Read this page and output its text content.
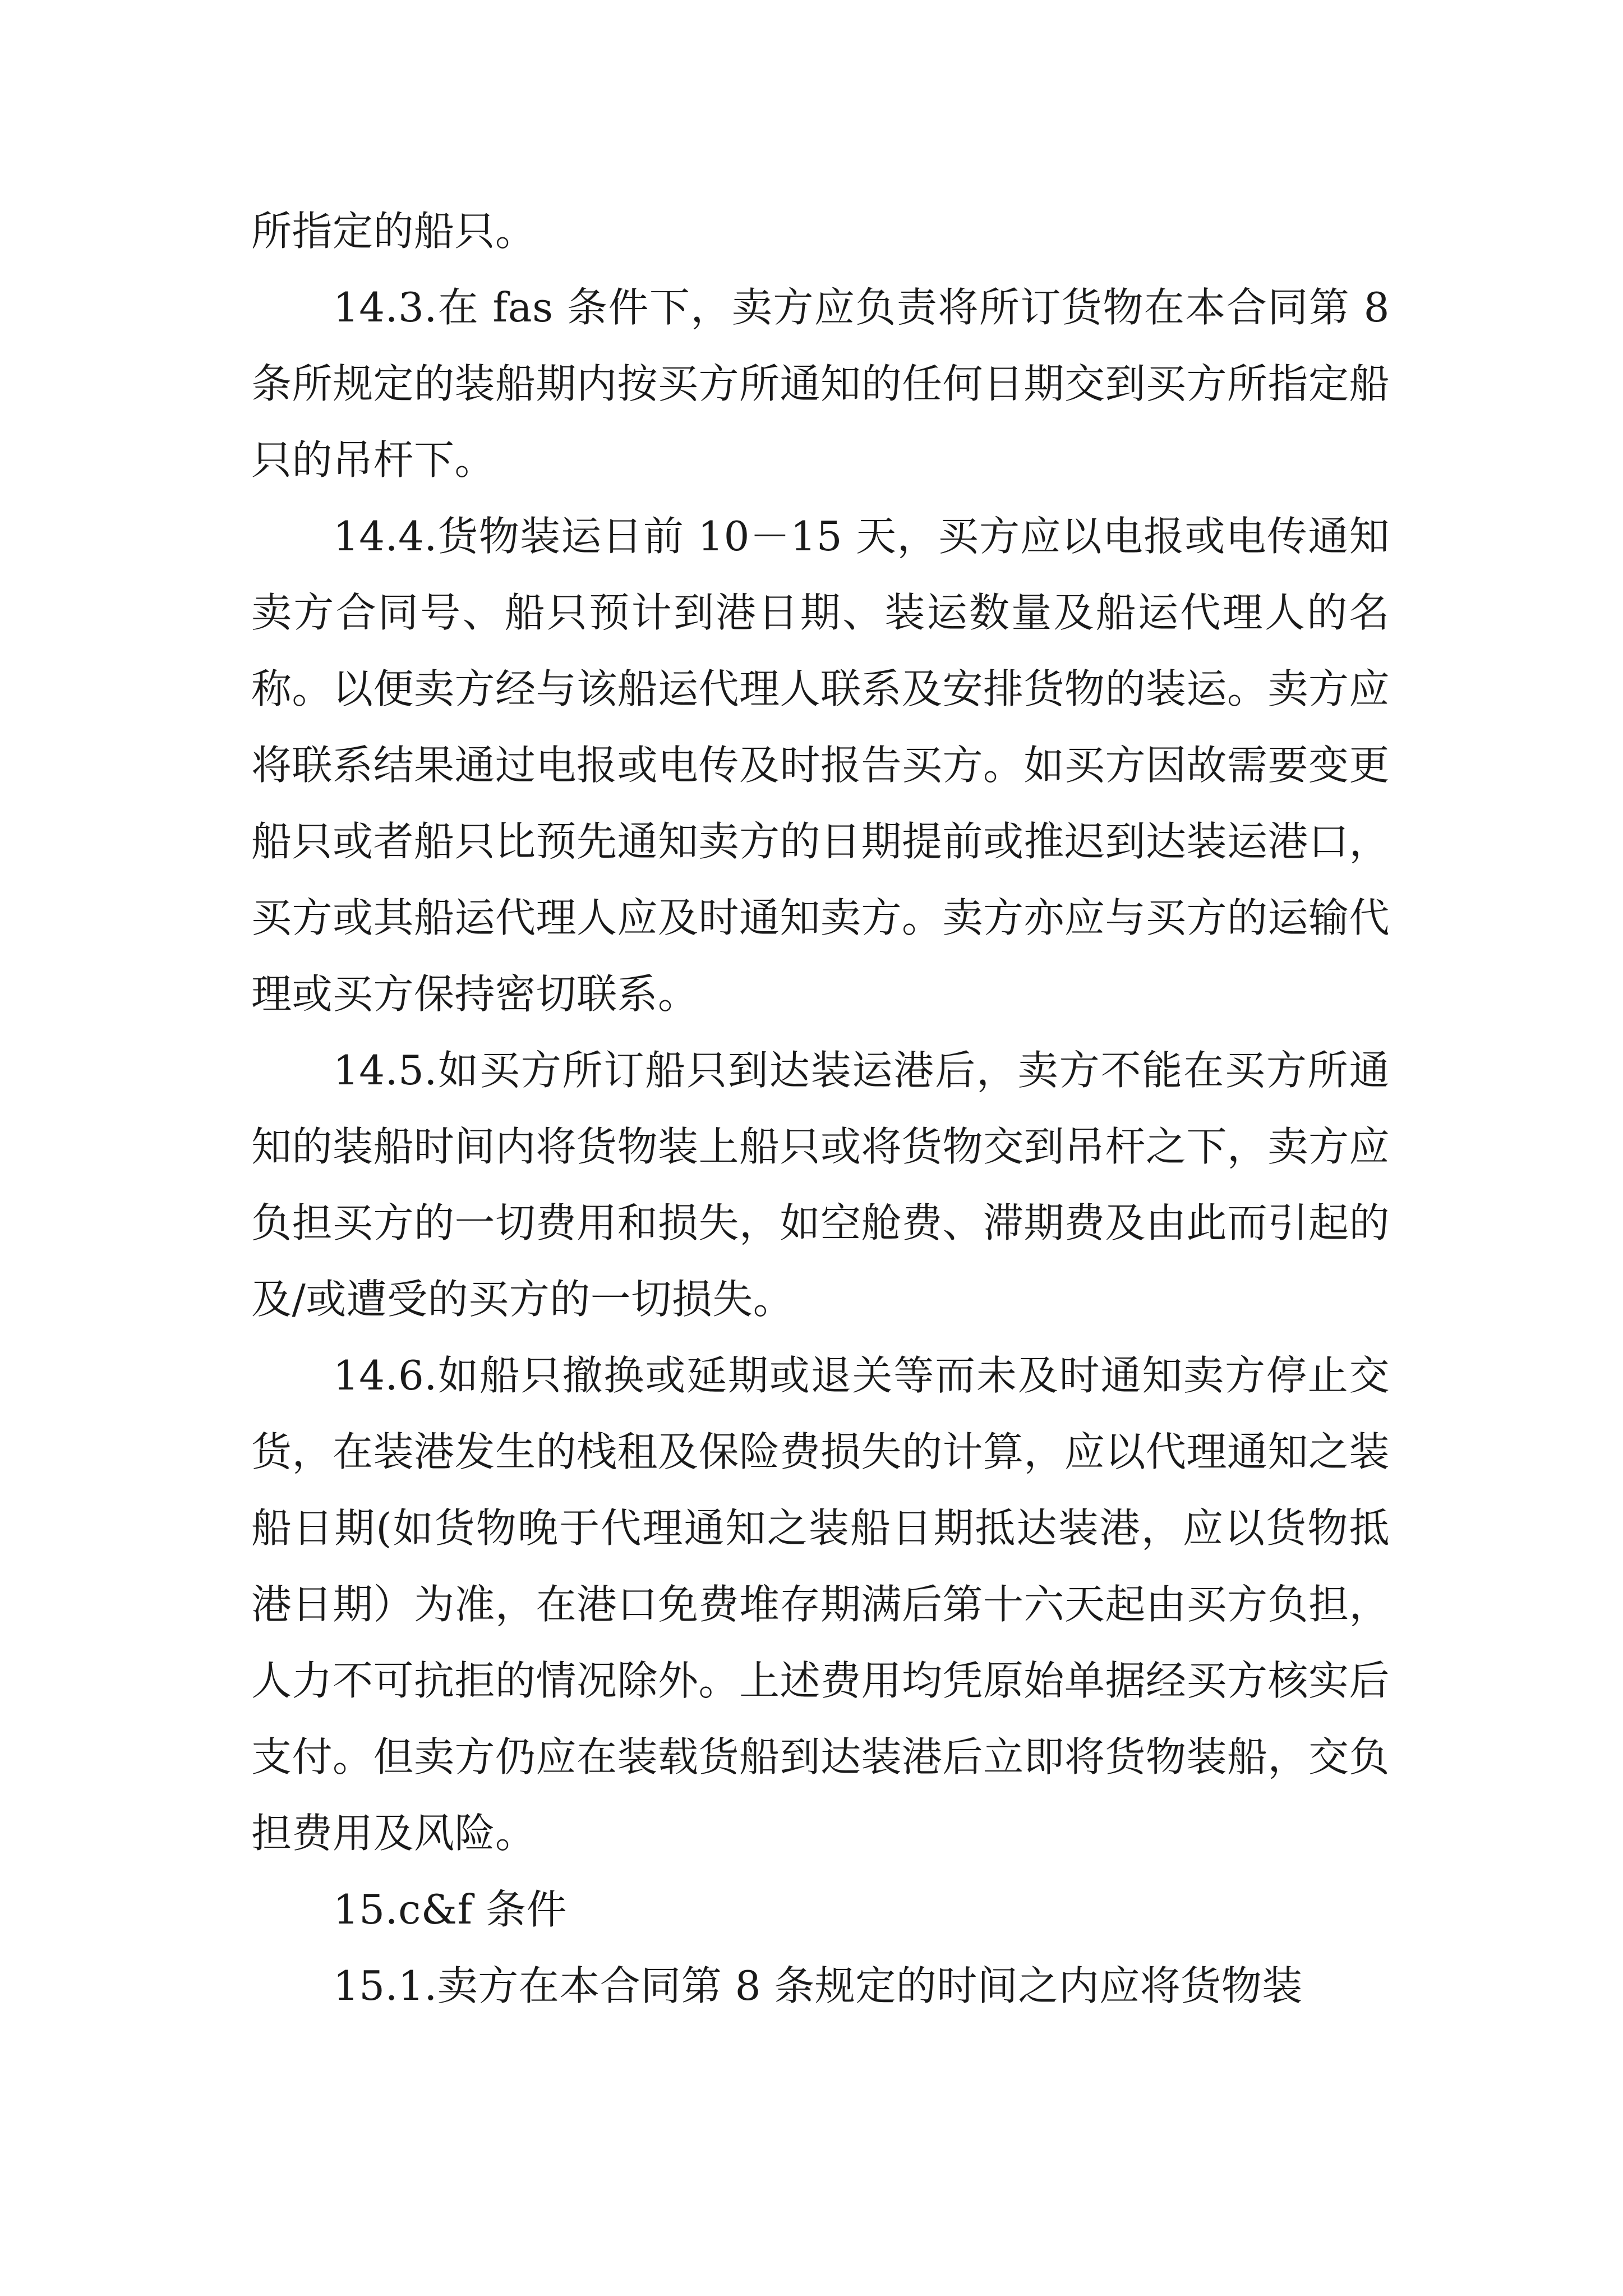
所指定的船只。

14.3.在 fas 条件下，卖方应负责将所订货物在本合同第 8 条所规定的装船期内按买方所通知的任何日期交到买方所指定船只的吊杆下。

14.4.货物装运日前 10－15 天，买方应以电报或电传通知卖方合同号、船只预计到港日期、装运数量及船运代理人的名称。以便卖方经与该船运代理人联系及安排货物的装运。卖方应将联系结果通过电报或电传及时报告买方。如买方因故需要变更船只或者船只比预先通知卖方的日期提前或推迟到达装运港口，买方或其船运代理人应及时通知卖方。卖方亦应与买方的运输代理或买方保持密切联系。

14.5.如买方所订船只到达装运港后，卖方不能在买方所通知的装船时间内将货物装上船只或将货物交到吊杆之下，卖方应负担买方的一切费用和损失，如空舱费、滞期费及由此而引起的及/或遭受的买方的一切损失。

14.6.如船只撤换或延期或退关等而未及时通知卖方停止交货，在装港发生的栈租及保险费损失的计算，应以代理通知之装船日期(如货物晚于代理通知之装船日期抵达装港，应以货物抵港日期）为准，在港口免费堆存期满后第十六天起由买方负担，人力不可抗拒的情况除外。上述费用均凭原始单据经买方核实后支付。但卖方仍应在装载货船到达装港后立即将货物装船，交负担费用及风险。

15.c&f 条件

15.1.卖方在本合同第 8 条规定的时间之内应将货物装
